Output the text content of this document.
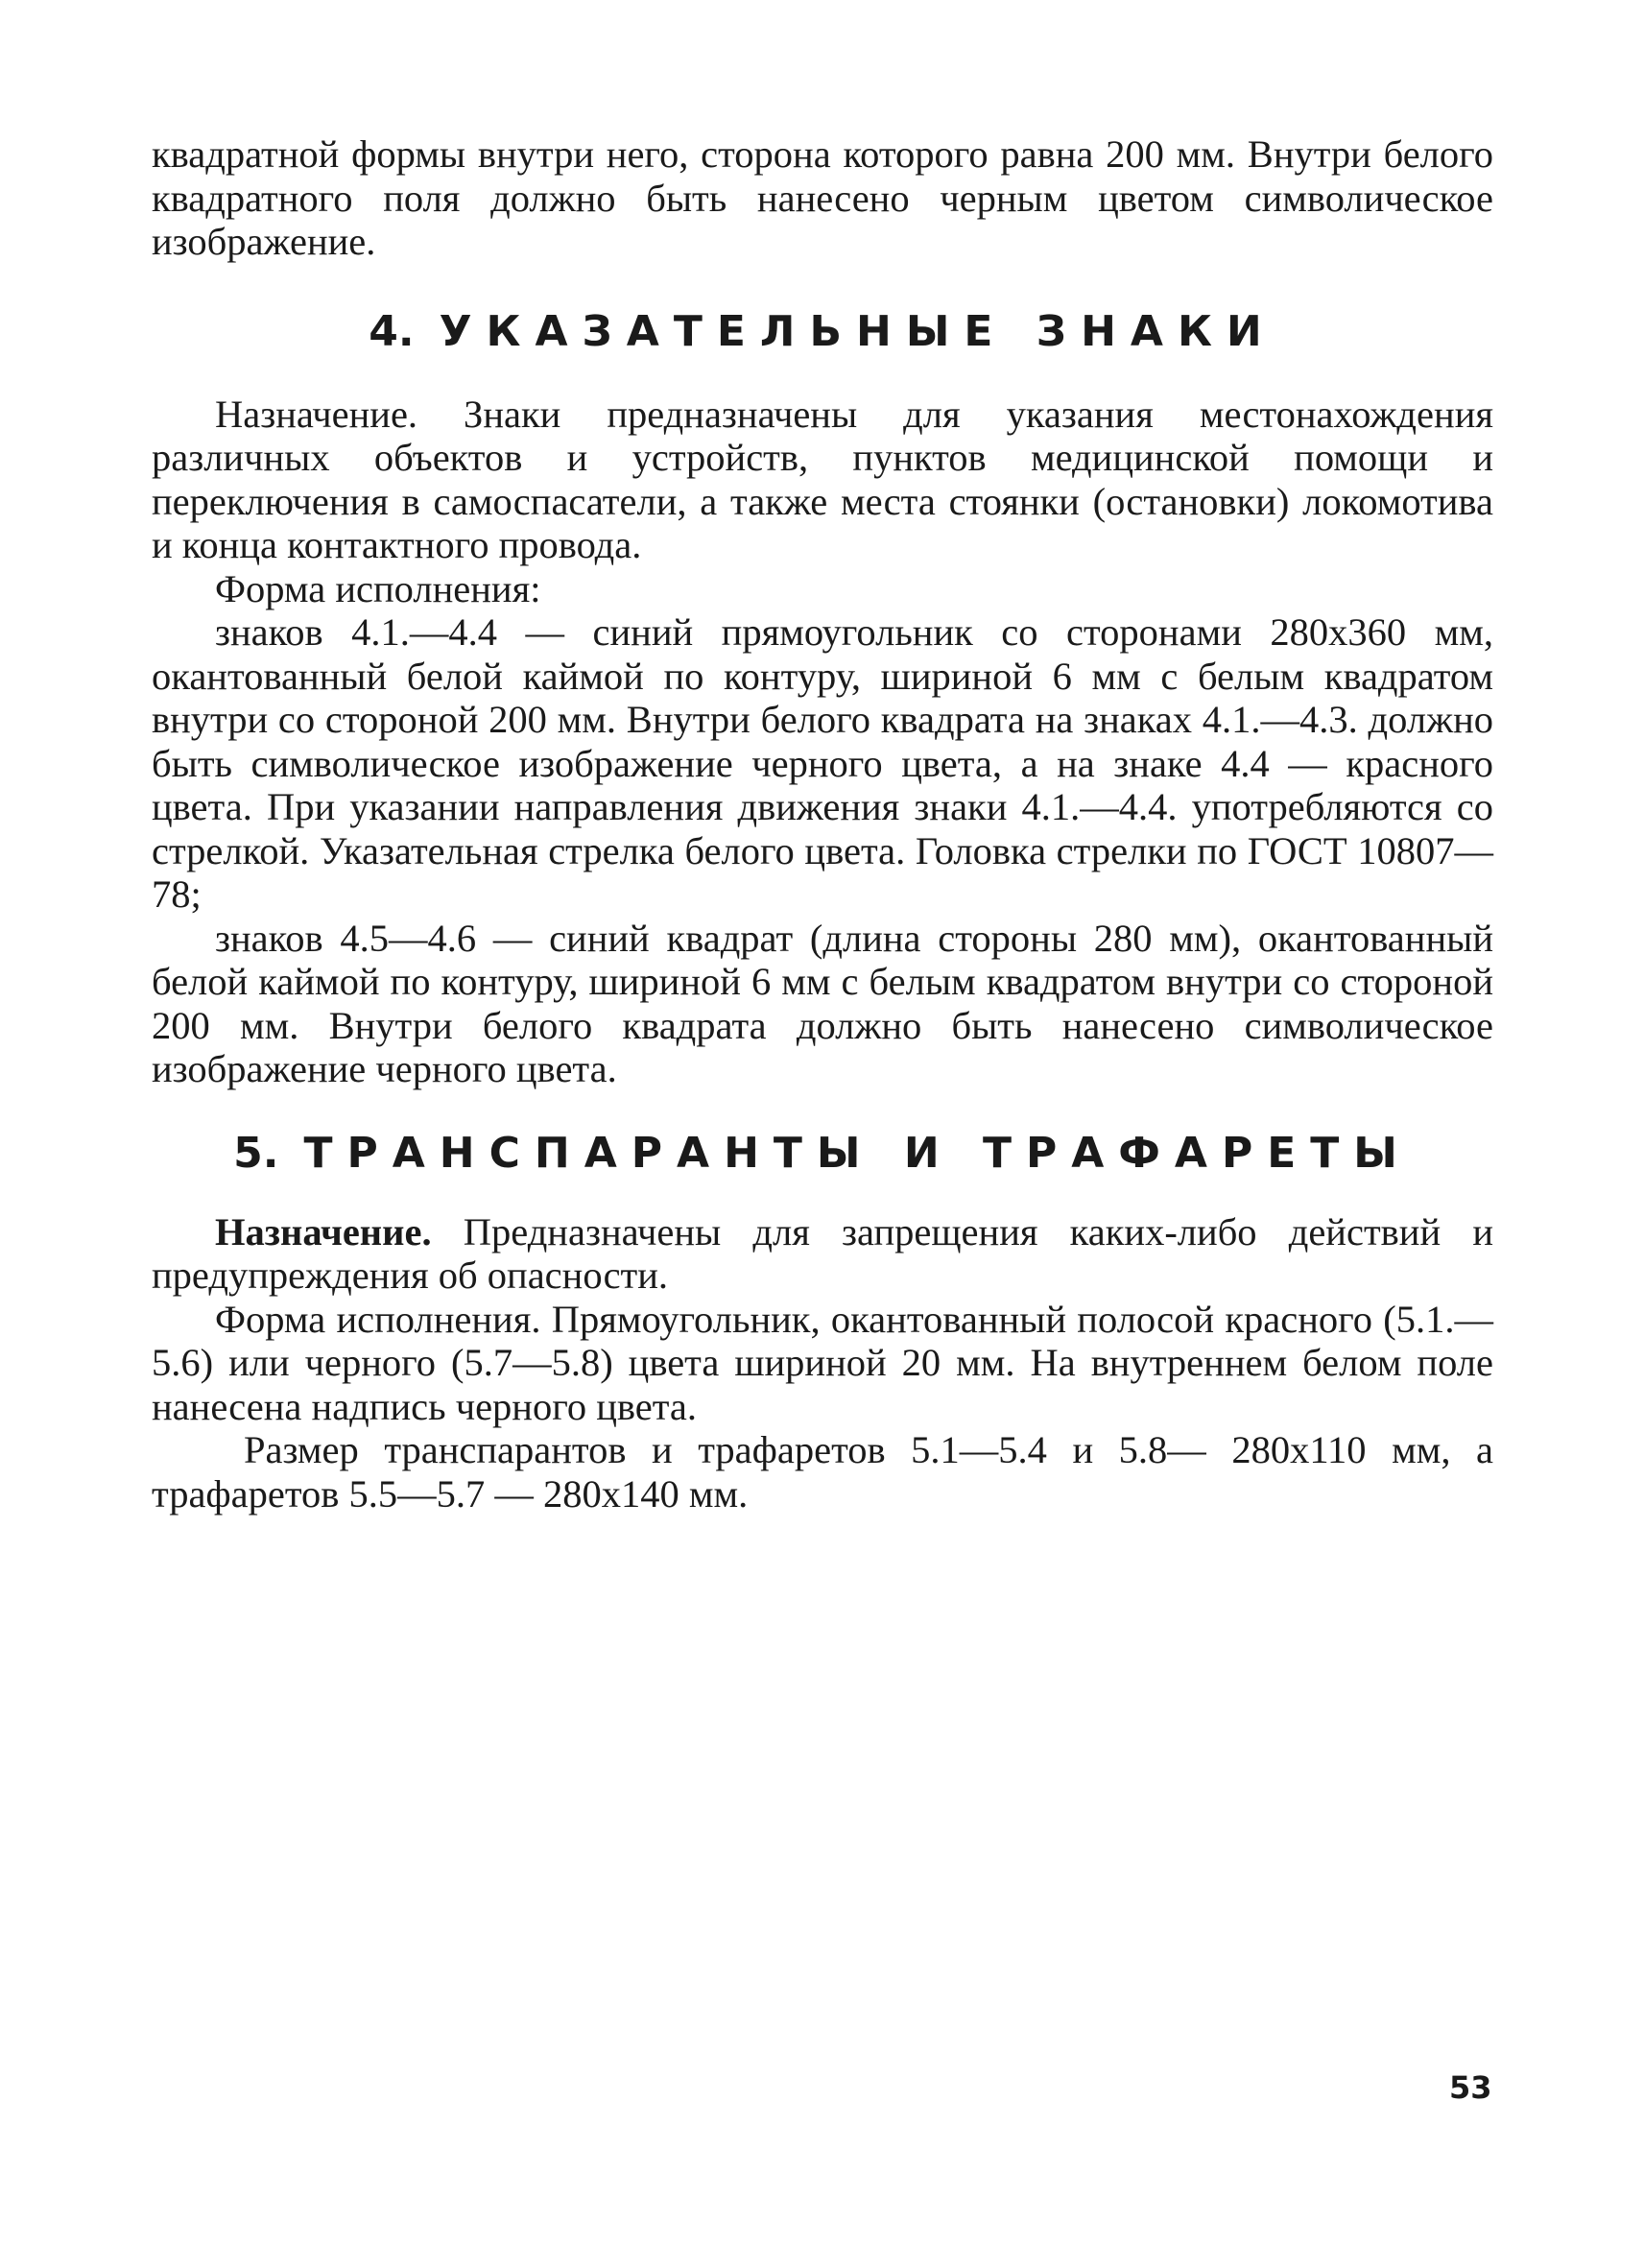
квадратной формы внутри него, сторона которого равна 200 мм. Внутри белого квадратного поля должно быть нанесено черным цветом символическое изображение.

4. УКАЗАТЕЛЬНЫЕ ЗНАКИ

Назначение. Знаки предназначены для указания местонахождения различных объектов и устройств, пунктов медицинской помощи и переключения в самоспасатели, а также места стоянки (остановки) локомотива и конца контактного провода.

Форма исполнения:

знаков 4.1.—4.4 — синий прямоугольник со сторонами 280x360 мм, окантованный белой каймой по контуру, шириной 6 мм с белым квадратом внутри со стороной 200 мм. Внутри белого квадрата на знаках 4.1.—4.3. должно быть символическое изображение черного цвета, а на знаке 4.4 — красного цвета. При указании направления движения знаки 4.1.—4.4. употребляются со стрелкой. Указательная стрелка белого цвета. Головка стрелки по ГОСТ 10807—78;

знаков 4.5—4.6 — синий квадрат (длина стороны 280 мм), окантованный белой каймой по контуру, шириной 6 мм с белым квадратом внутри со стороной 200 мм. Внутри белого квадрата должно быть нанесено символическое изображение черного цвета.

5. ТРАНСПАРАНТЫ И ТРАФАРЕТЫ

Назначение. Предназначены для запрещения каких-либо действий и предупреждения об опасности.

Форма исполнения. Прямоугольник, окантованный полосой красного (5.1.—5.6) или черного (5.7—5.8) цвета шириной 20 мм. На внутреннем белом поле нанесена надпись черного цвета.

Размер транспарантов и трафаретов 5.1—5.4 и 5.8— 280x110 мм, а трафаретов 5.5—5.7 — 280x140 мм.

53
